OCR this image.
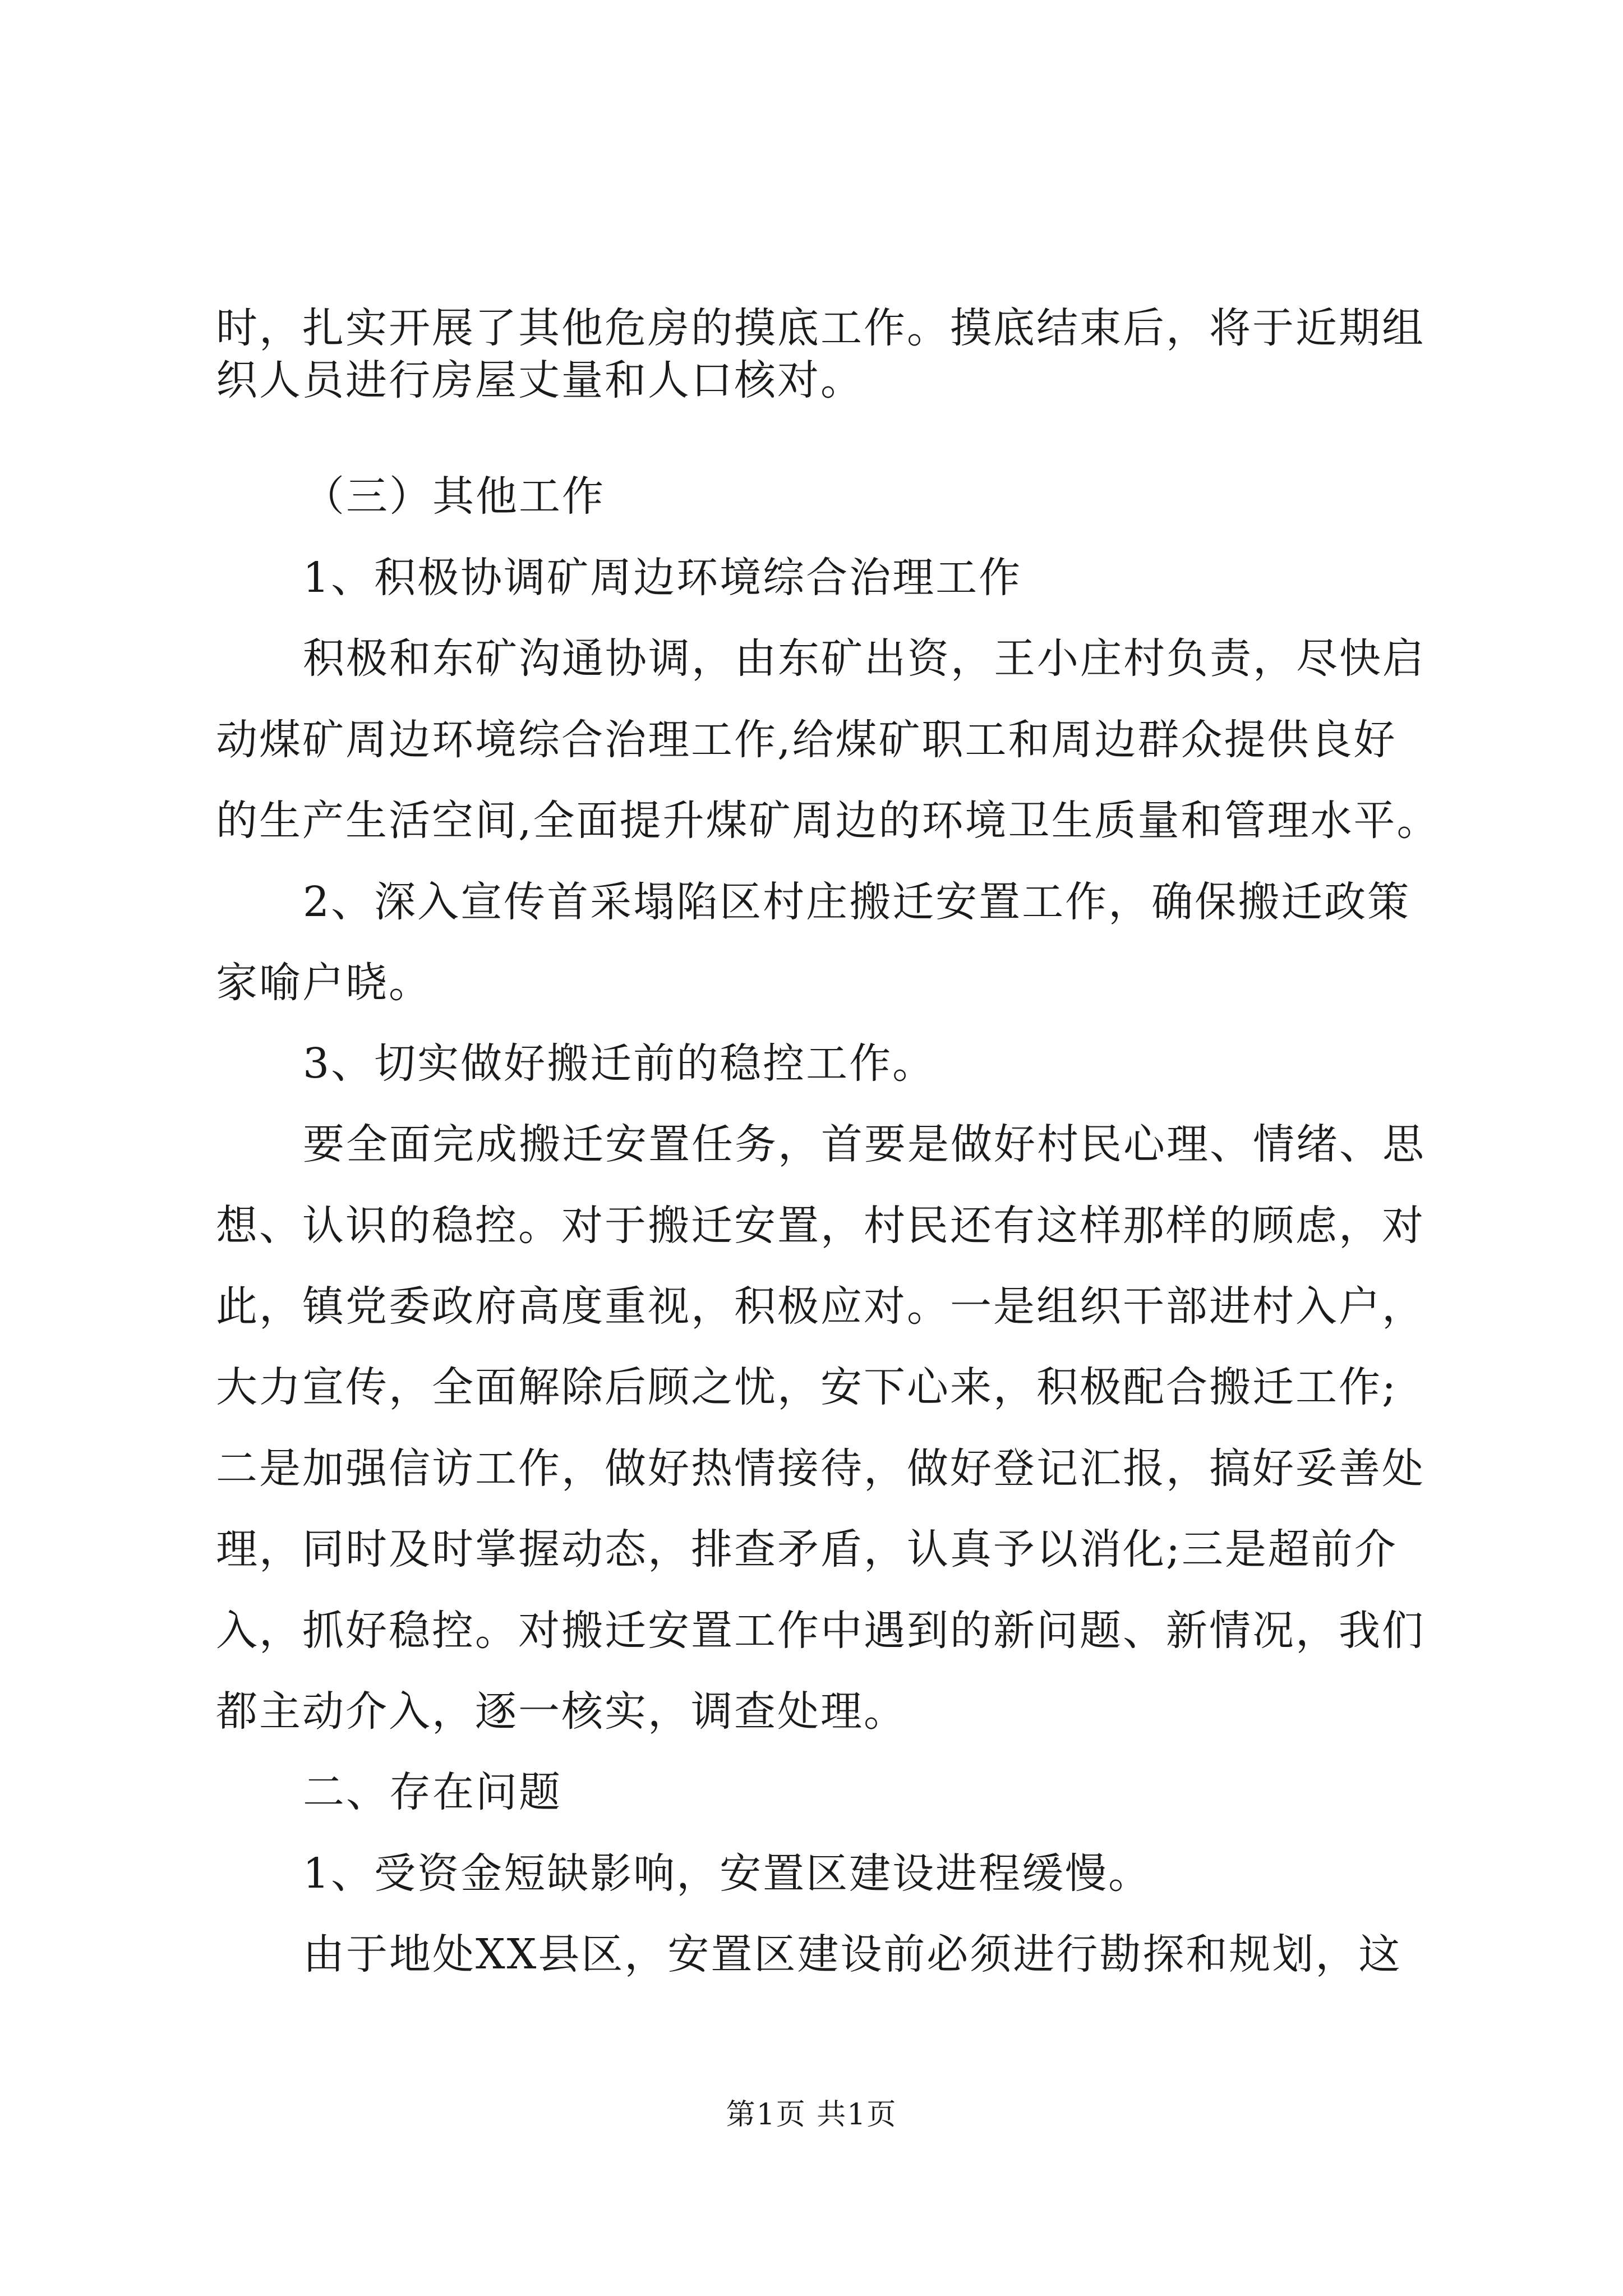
时，扎实开展了其他危房的摸底工作。摸底结束后，将于近期组
织人员进行房屋丈量和人口核对。
（三）其他工作
1、积极协调矿周边环境综合治理工作
积极和东矿沟通协调，由东矿出资，王小庄村负责，尽快启
动煤矿周边环境综合治理工作,给煤矿职工和周边群众提供良好
的生产生活空间,全面提升煤矿周边的环境卫生质量和管理水平。
2、深入宣传首采塌陷区村庄搬迁安置工作，确保搬迁政策
家喻户晓。
3、切实做好搬迁前的稳控工作。
要全面完成搬迁安置任务，首要是做好村民心理、情绪、思
想、认识的稳控。对于搬迁安置，村民还有这样那样的顾虑，对
此，镇党委政府高度重视，积极应对。一是组织干部进村入户，
大力宣传，全面解除后顾之忧，安下心来，积极配合搬迁工作;
二是加强信访工作，做好热情接待，做好登记汇报，搞好妥善处
理，同时及时掌握动态，排查矛盾，认真予以消化;三是超前介
入，抓好稳控。对搬迁安置工作中遇到的新问题、新情况，我们
都主动介入，逐一核实，调查处理。
二、存在问题
1、受资金短缺影响，安置区建设进程缓慢。
由于地处XX县区，安置区建设前必须进行勘探和规划，这
第1页 共1页
